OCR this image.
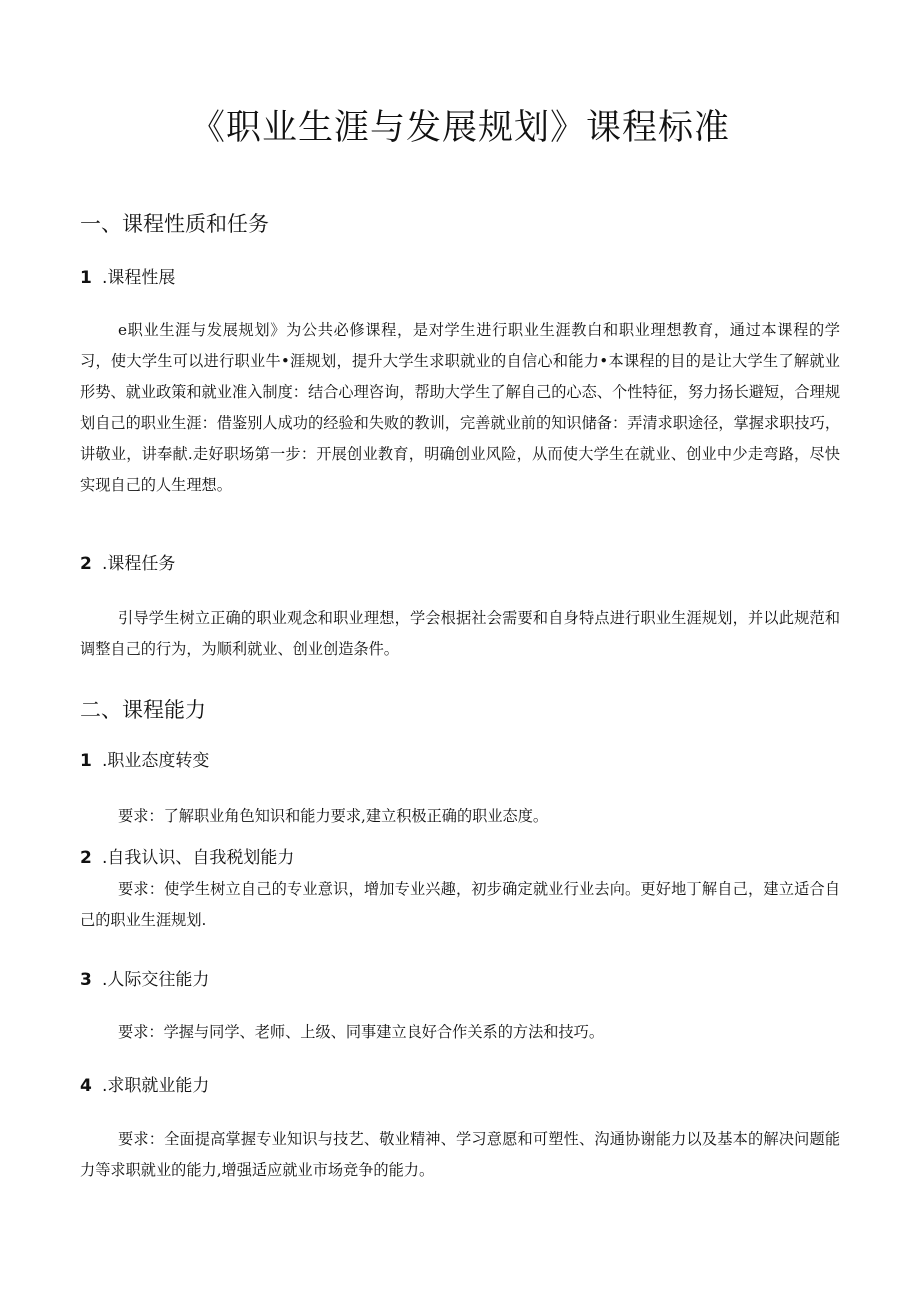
《职业生涯与发展规划》课程标准
一、课程性质和任务
1 .课程性展

e职业生涯与发展规划》为公共必修课程，是对学生进行职业生涯教白和职业理想教育，通过本课程的学习，使大学生可以进行职业牛•涯规划，提升大学生求职就业的自信心和能力•本课程的目的是让大学生了解就业形势、就业政策和就业准入制度：结合心理咨询，帮助大学生了解自己的心态、个性特征，努力扬长避短，合理规划自己的职业生涯：借鉴别人成功的经验和失败的教训，完善就业前的知识储备：弄清求职途径，掌握求职技巧，讲敬业，讲奉献.走好职场第一步：开展创业教育，明确创业风险，从而使大学生在就业、创业中少走弯路，尽快实现自己的人生理想。

2 .课程任务

引导学生树立正确的职业观念和职业理想，学会根据社会需要和自身特点进行职业生涯规划，并以此规范和调整自己的行为，为顺利就业、创业创造条件。

二、课程能力
1 .职业态度转变

要求：了解职业角色知识和能力要求,建立积极正确的职业态度。

2 .自我认识、自我税划能力

要求：使学生树立自己的专业意识，增加专业兴趣，初步确定就业行业去向。更好地丁解自己，建立适合自己的职业生涯规划.

3 .人际交往能力

要求：学握与同学、老师、上级、同事建立良好合作关系的方法和技巧。

4 .求职就业能力

要求：全面提高掌握专业知识与技艺、敬业精神、学习意愿和可塑性、沟通协谢能力以及基本的解决问题能力等求职就业的能力,增强适应就业市场竞争的能力。
